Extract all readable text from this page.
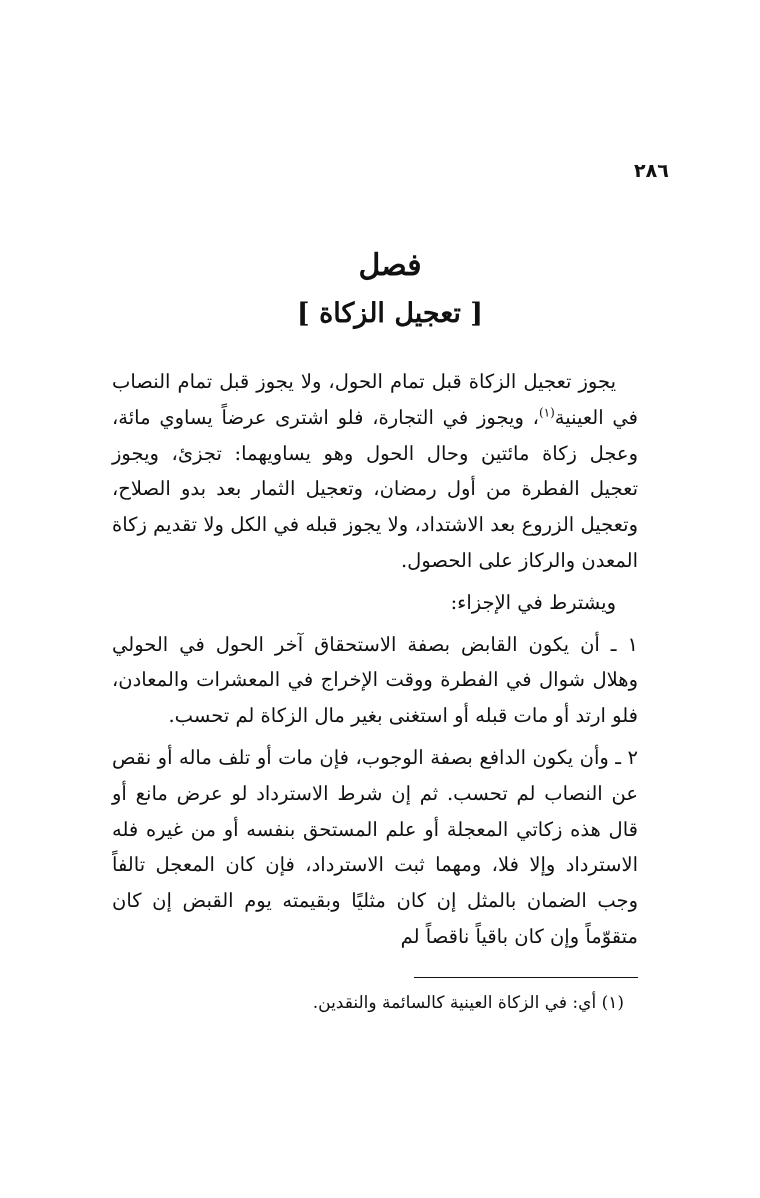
٢٨٦
فصل
[ تعجيل الزكاة ]

يجوز تعجيل الزكاة قبل تمام الحول، ولا يجوز قبل تمام النصاب في العينية$^{(١)}$، ويجوز في التجارة، فلو اشترى عرضاً يساوي مائة، وعجل زكاة مائتين وحال الحول وهو يساويهما: تجزئ، ويجوز تعجيل الفطرة من أول رمضان، وتعجيل الثمار بعد بدو الصلاح، وتعجيل الزروع بعد الاشتداد، ولا يجوز قبله في الكل ولا تقديم زكاة المعدن والركاز على الحصول.

ويشترط في الإجزاء:

١ ـ أن يكون القابض بصفة الاستحقاق آخر الحول في الحولي وهلال شوال في الفطرة ووقت الإخراج في المعشرات والمعادن، فلو ارتد أو مات قبله أو استغنى بغير مال الزكاة لم تحسب.

٢ ـ وأن يكون الدافع بصفة الوجوب، فإن مات أو تلف ماله أو نقص عن النصاب لم تحسب. ثم إن شرط الاسترداد لو عرض مانع أو قال هذه زكاتي المعجلة أو علم المستحق بنفسه أو من غيره فله الاسترداد وإلا فلا، ومهما ثبت الاسترداد، فإن كان المعجل تالفاً وجب الضمان بالمثل إن كان مثليًا وبقيمته يوم القبض إن كان متقوّماً وإن كان باقياً ناقصاً لم

(١) أي: في الزكاة العينية كالسائمة والنقدين.
